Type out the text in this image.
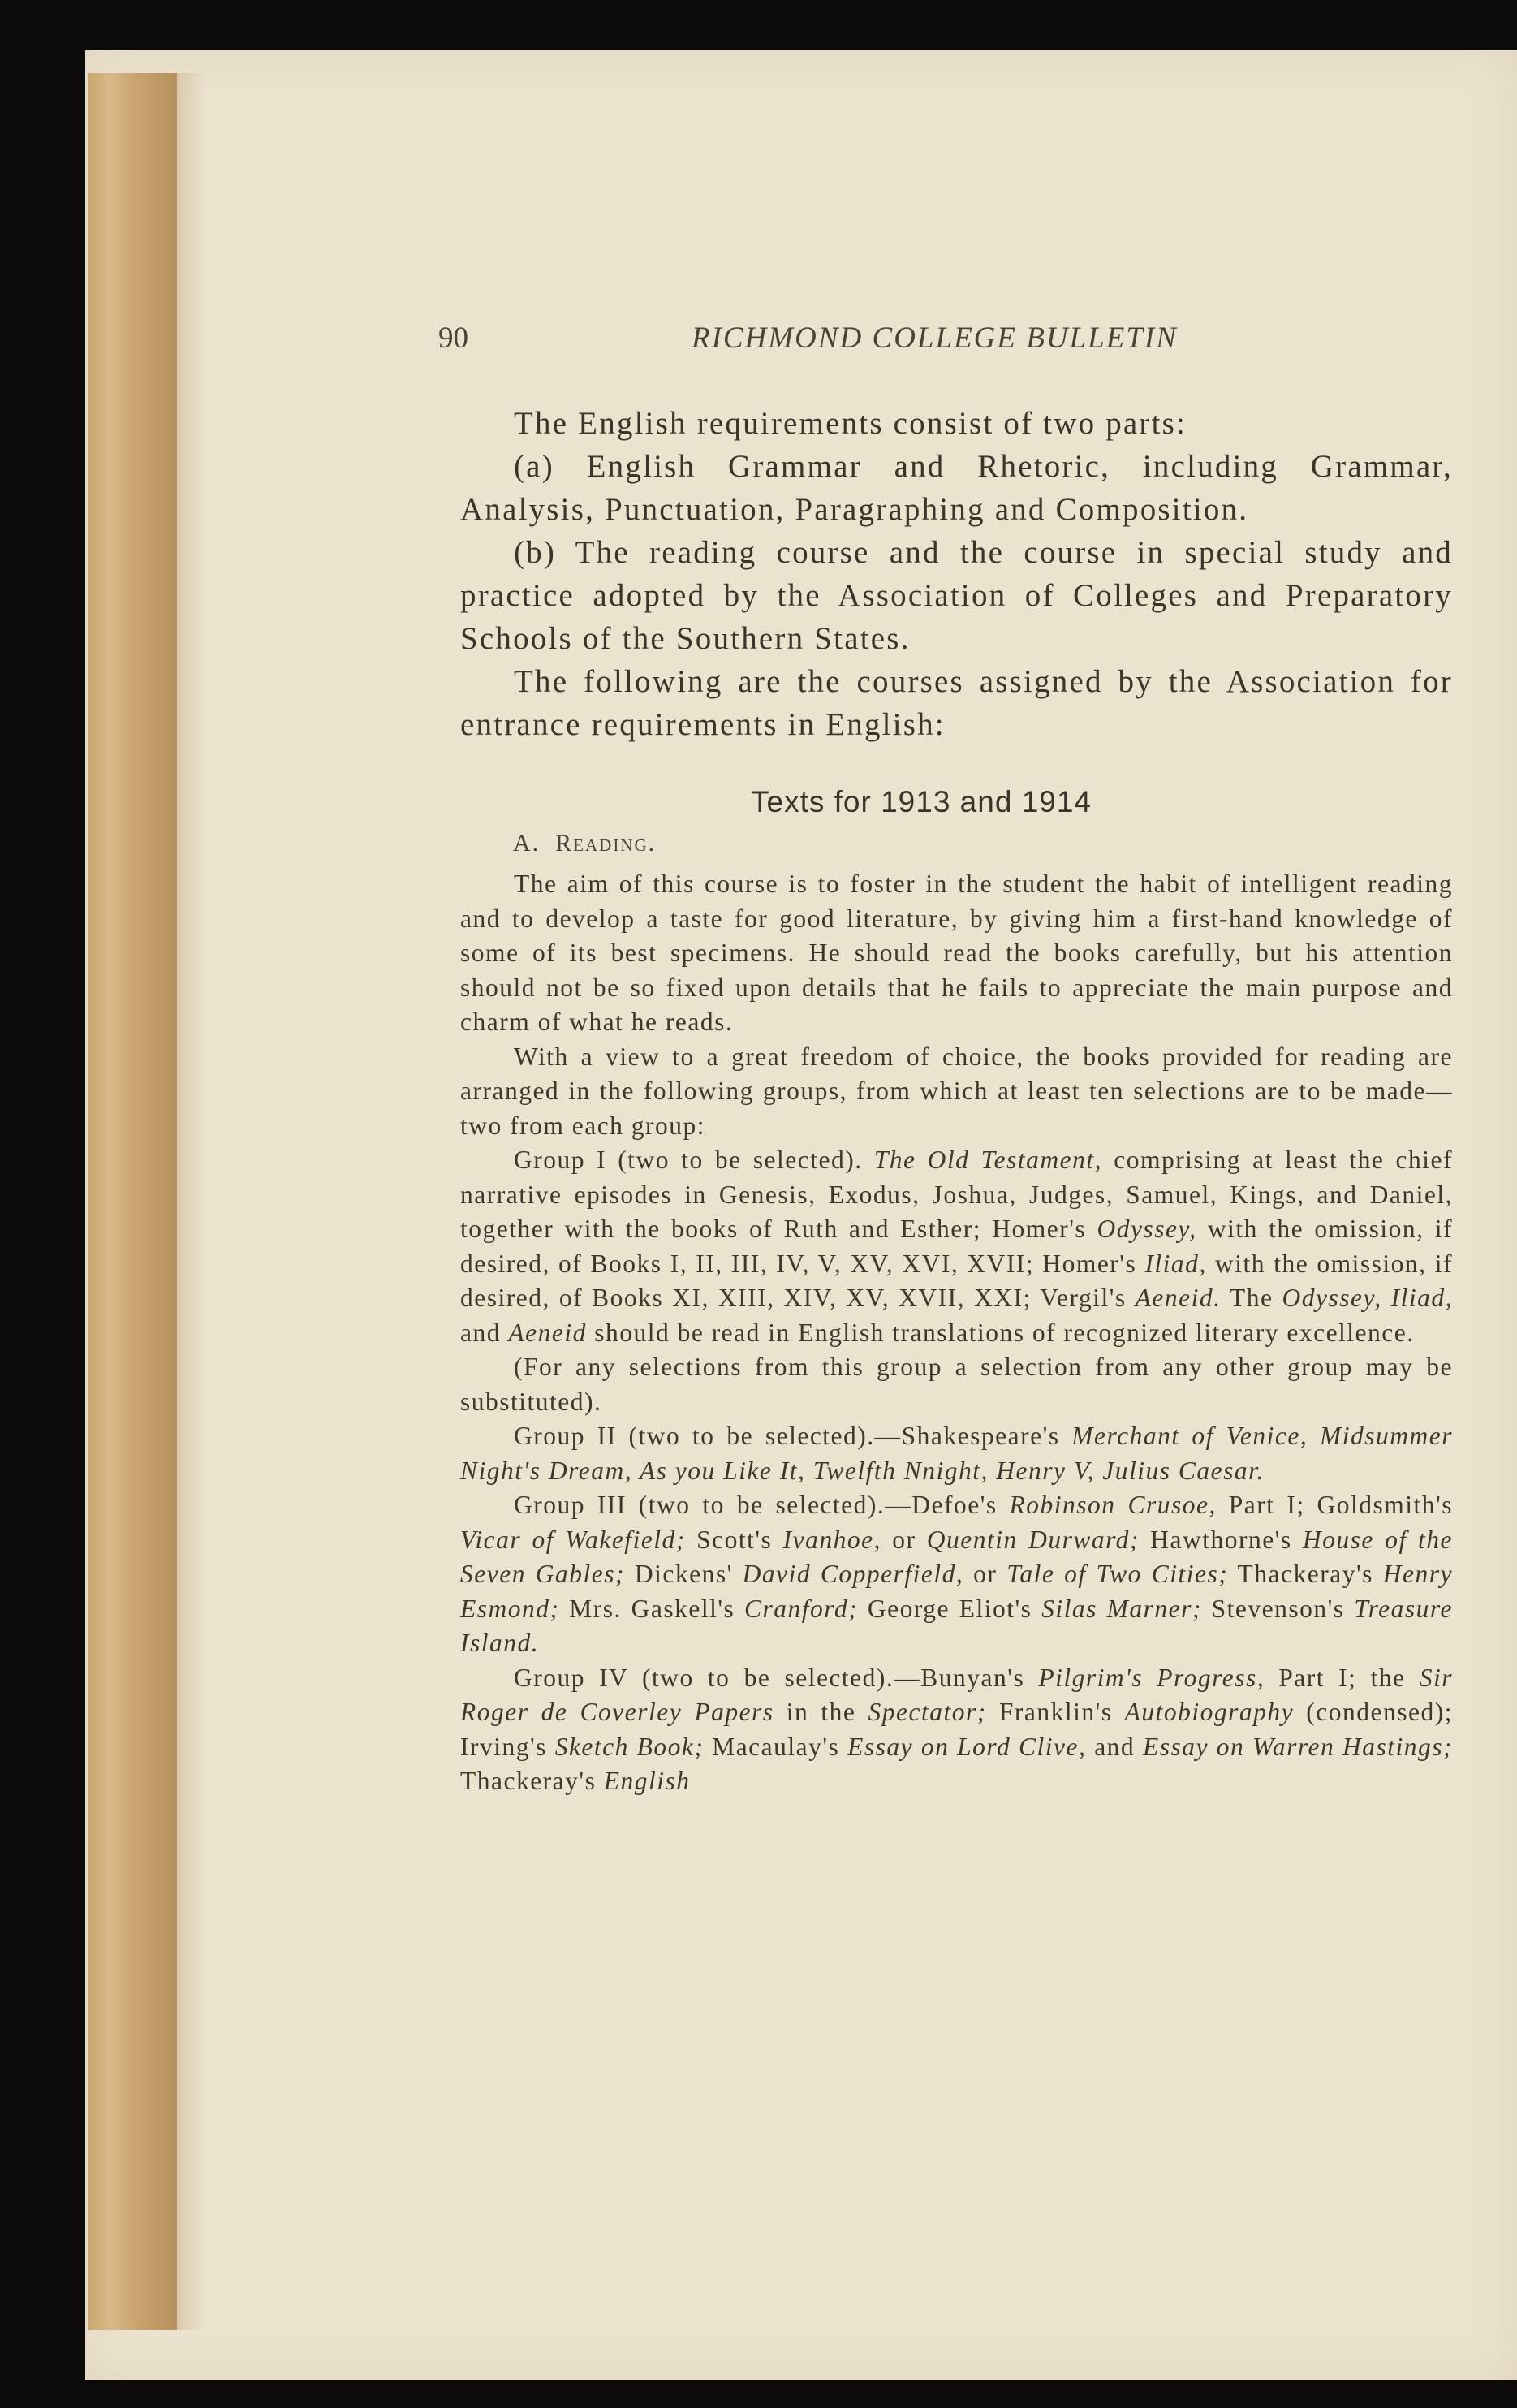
90	RICHMOND COLLEGE BULLETIN

The English requirements consist of two parts:

(a) English Grammar and Rhetoric, including Grammar, Analysis, Punctuation, Paragraphing and Composition.

(b) The reading course and the course in special study and practice adopted by the Association of Colleges and Preparatory Schools of the Southern States.

The following are the courses assigned by the Association for entrance requirements in English:

Texts for 1913 and 1914
A. Reading.

The aim of this course is to foster in the student the habit of intelligent reading and to develop a taste for good literature, by giving him a first-hand knowledge of some of its best specimens. He should read the books carefully, but his attention should not be so fixed upon details that he fails to appreciate the main purpose and charm of what he reads.

With a view to a great freedom of choice, the books provided for reading are arranged in the following groups, from which at least ten selections are to be made—two from each group:

Group I (two to be selected). The Old Testament, comprising at least the chief narrative episodes in Genesis, Exodus, Joshua, Judges, Samuel, Kings, and Daniel, together with the books of Ruth and Esther; Homer's Odyssey, with the omission, if desired, of Books I, II, III, IV, V, XV, XVI, XVII; Homer's Iliad, with the omission, if desired, of Books XI, XIII, XIV, XV, XVII, XXI; Vergil's Aeneid. The Odyssey, Iliad, and Aeneid should be read in English translations of recognized literary excellence.

(For any selections from this group a selection from any other group may be substituted).

Group II (two to be selected).—Shakespeare's Merchant of Venice, Midsummer Night's Dream, As you Like It, Twelfth Nnight, Henry V, Julius Caesar.

Group III (two to be selected).—Defoe's Robinson Crusoe, Part I; Goldsmith's Vicar of Wakefield; Scott's Ivanhoe, or Quentin Durward; Hawthorne's House of the Seven Gables; Dickens' David Copperfield, or Tale of Two Cities; Thackeray's Henry Esmond; Mrs. Gaskell's Cranford; George Eliot's Silas Marner; Stevenson's Treasure Island.

Group IV (two to be selected).—Bunyan's Pilgrim's Progress, Part I; the Sir Roger de Coverley Papers in the Spectator; Franklin's Autobiography (condensed); Irving's Sketch Book; Macaulay's Essay on Lord Clive, and Essay on Warren Hastings; Thackeray's English
